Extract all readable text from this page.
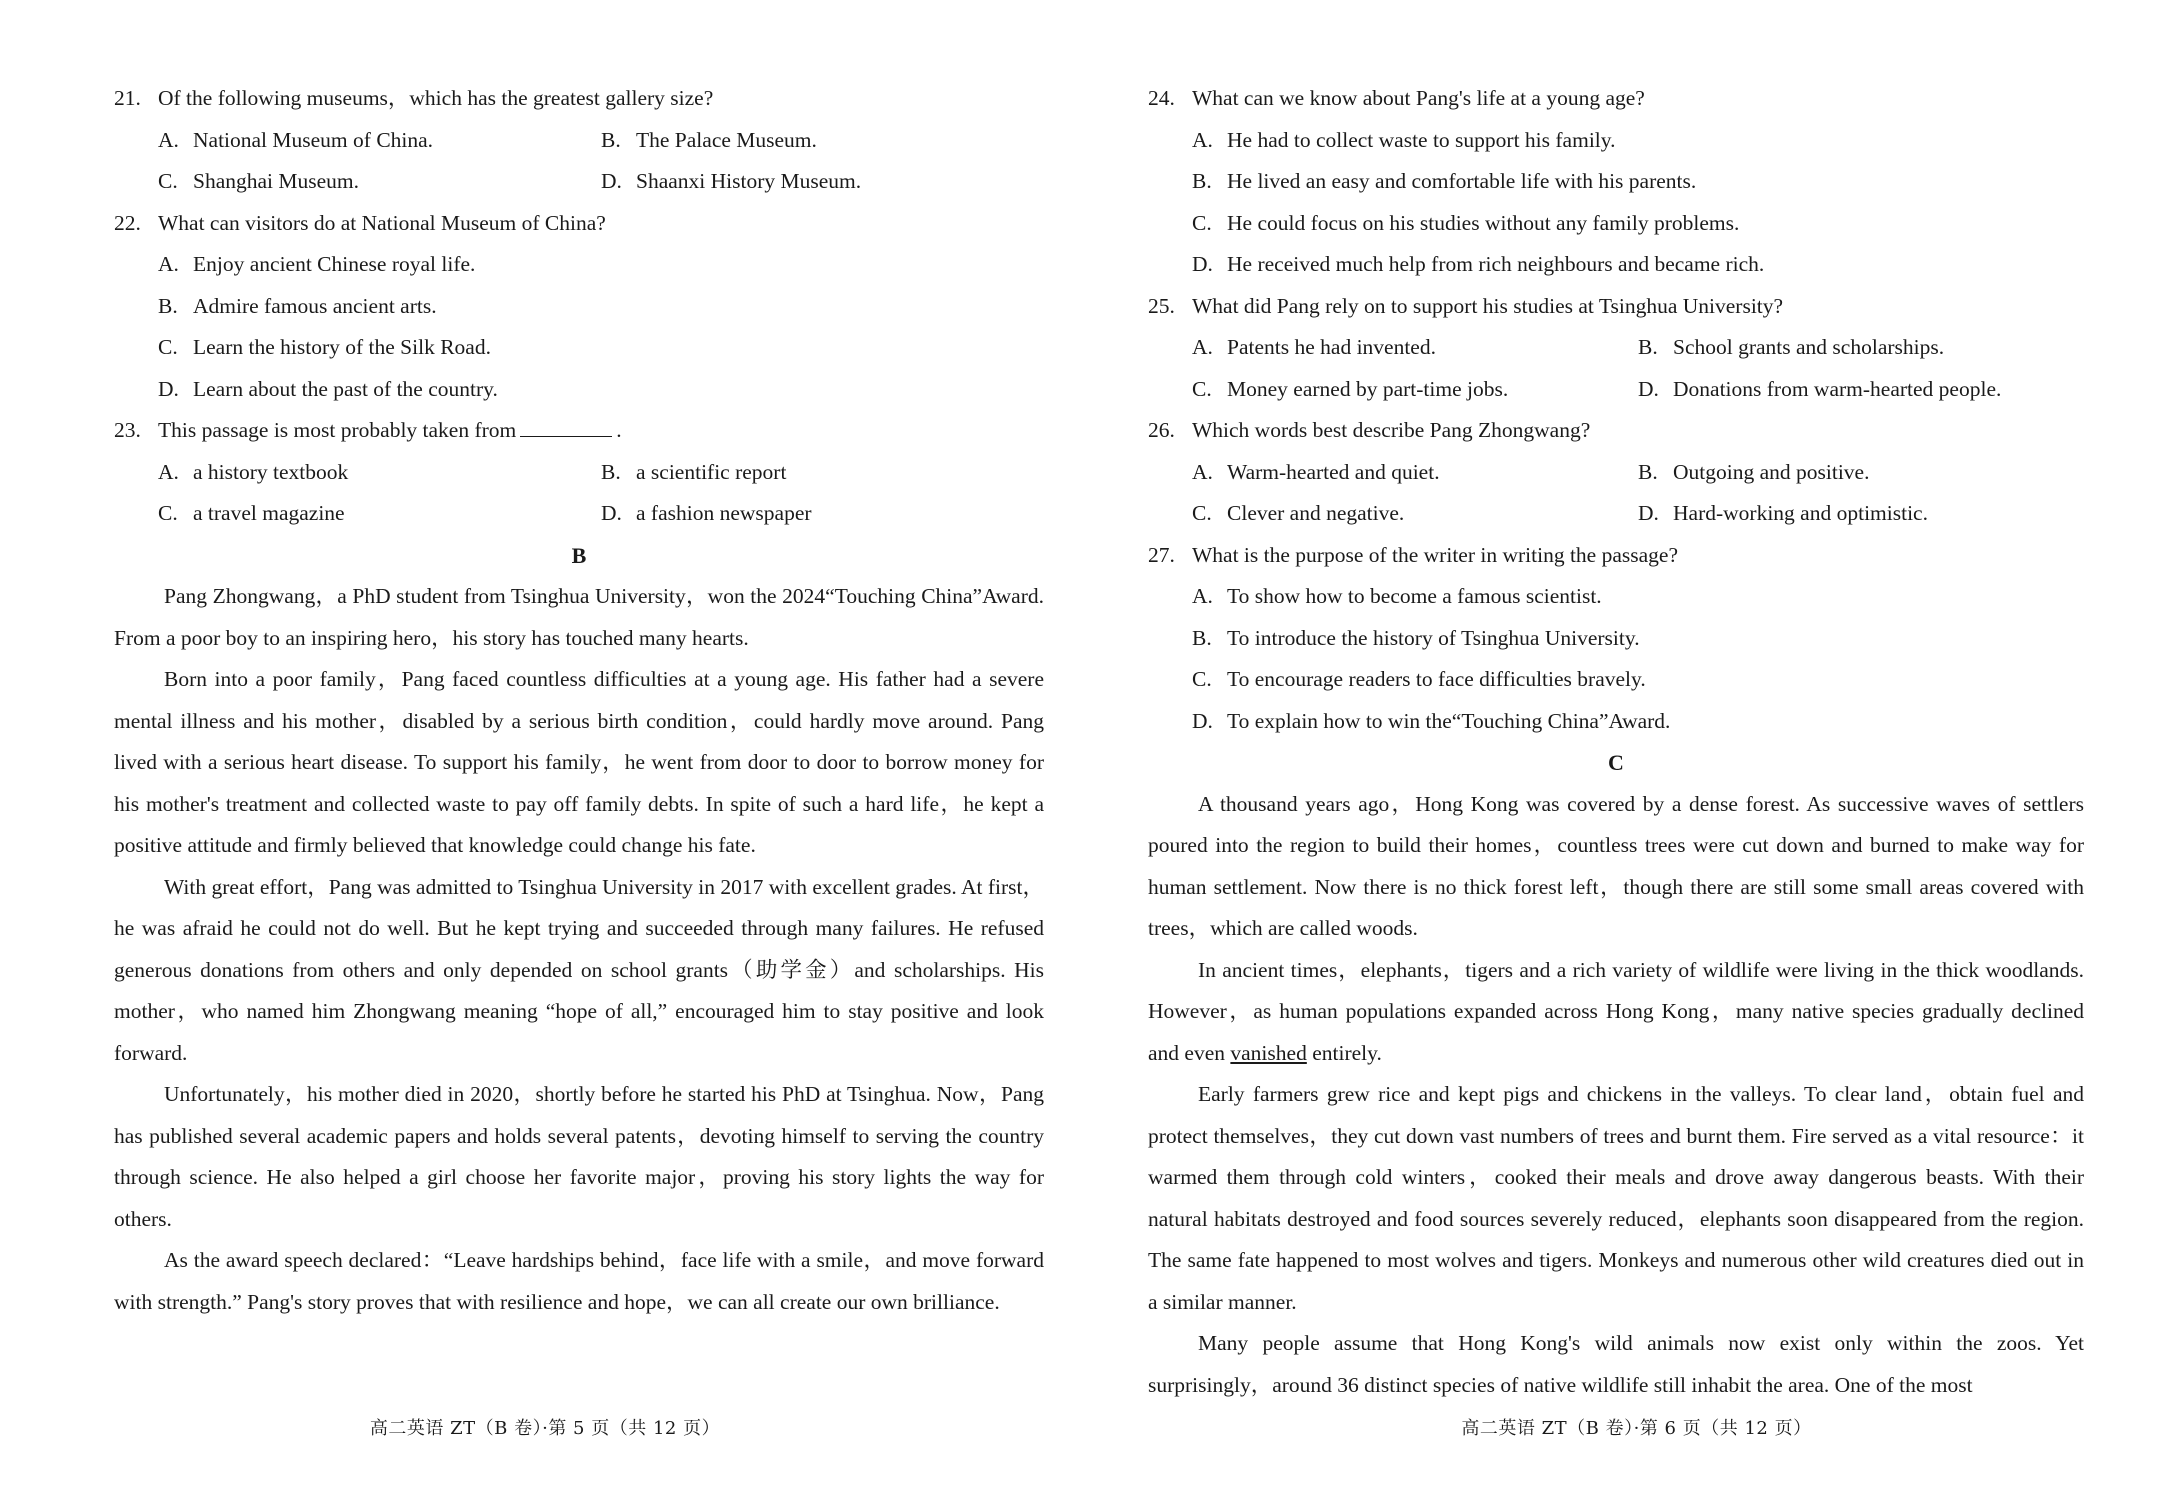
21. Of the following museums，which has the greatest gallery size?
A. National Museum of China.	B. The Palace Museum.
C. Shanghai Museum.	D. Shaanxi History Museum.
22. What can visitors do at National Museum of China?
A. Enjoy ancient Chinese royal life.
B. Admire famous ancient arts.
C. Learn the history of the Silk Road.
D. Learn about the past of the country.
23. This passage is most probably taken from	.
A. a history textbook	B. a scientific report
C. a travel magazine	D. a fashion newspaper
B

Pang Zhongwang，a PhD student from Tsinghua University，won the 2024“Touching China”Award. From a poor boy to an inspiring hero，his story has touched many hearts.

Born into a poor family，Pang faced countless difficulties at a young age. His father had a severe mental illness and his mother，disabled by a serious birth condition，could hardly move around. Pang lived with a serious heart disease. To support his family，he went from door to door to borrow money for his mother's treatment and collected waste to pay off family debts. In spite of such a hard life，he kept a positive attitude and firmly believed that knowledge could change his fate.

With great effort，Pang was admitted to Tsinghua University in 2017 with excellent grades. At first，he was afraid he could not do well. But he kept trying and succeeded through many failures. He refused generous donations from others and only depended on school grants（助学金）and scholarships. His mother，who named him Zhongwang meaning “hope of all,” encouraged him to stay positive and look forward.

Unfortunately，his mother died in 2020，shortly before he started his PhD at Tsinghua. Now，Pang has published several academic papers and holds several patents，devoting himself to serving the country through science. He also helped a girl choose her favorite major，proving his story lights the way for others.

As the award speech declared：“Leave hardships behind，face life with a smile，and move forward with strength.” Pang's story proves that with resilience and hope，we can all create our own brilliance.

高二英语 ZT（B 卷）·第 5 页（共 12 页）
24. What can we know about Pang's life at a young age?
A. He had to collect waste to support his family.
B. He lived an easy and comfortable life with his parents.
C. He could focus on his studies without any family problems.
D. He received much help from rich neighbours and became rich.
25. What did Pang rely on to support his studies at Tsinghua University?
A. Patents he had invented.	B. School grants and scholarships.
C. Money earned by part-time jobs.	D. Donations from warm-hearted people.
26. Which words best describe Pang Zhongwang?
A. Warm-hearted and quiet.	B. Outgoing and positive.
C. Clever and negative.	D. Hard-working and optimistic.
27. What is the purpose of the writer in writing the passage?
A. To show how to become a famous scientist.
B. To introduce the history of Tsinghua University.
C. To encourage readers to face difficulties bravely.
D. To explain how to win the“Touching China”Award.
C

A thousand years ago，Hong Kong was covered by a dense forest. As successive waves of settlers poured into the region to build their homes，countless trees were cut down and burned to make way for human settlement. Now there is no thick forest left，though there are still some small areas covered with trees，which are called woods.

In ancient times，elephants，tigers and a rich variety of wildlife were living in the thick woodlands. However，as human populations expanded across Hong Kong，many native species gradually declined and even vanished entirely.

Early farmers grew rice and kept pigs and chickens in the valleys. To clear land，obtain fuel and protect themselves，they cut down vast numbers of trees and burnt them. Fire served as a vital resource：it warmed them through cold winters，cooked their meals and drove away dangerous beasts. With their natural habitats destroyed and food sources severely reduced，elephants soon disappeared from the region. The same fate happened to most wolves and tigers. Monkeys and numerous other wild creatures died out in a similar manner.

Many people assume that Hong Kong's wild animals now exist only within the zoos. Yet surprisingly，around 36 distinct species of native wildlife still inhabit the area. One of the most

高二英语 ZT（B 卷）·第 6 页（共 12 页）
